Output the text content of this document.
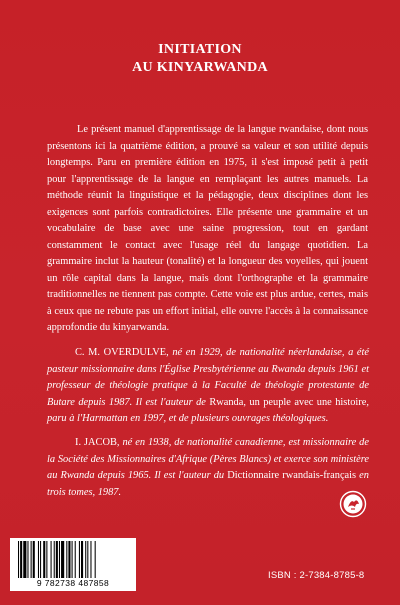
INITIATION
AU KINYARWANDA

Le présent manuel d'apprentissage de la langue rwandaise, dont nous présentons ici la quatrième édition, a prouvé sa valeur et son utilité depuis longtemps. Paru en première édition en 1975, il s'est imposé petit à petit pour l'apprentissage de la langue en remplaçant les autres manuels. La méthode réunit la linguistique et la pédagogie, deux disciplines dont les exigences sont parfois contradictoires. Elle présente une grammaire et un vocabulaire de base avec une saine progression, tout en gardant constamment le contact avec l'usage réel du langage quotidien. La grammaire inclut la hauteur (tonalité) et la longueur des voyelles, qui jouent un rôle capital dans la langue, mais dont l'orthographe et la grammaire traditionnelles ne tiennent pas compte. Cette voie est plus ardue, certes, mais à ceux que ne rebute pas un effort initial, elle ouvre l'accès à la connaissance approfondie du kinyarwanda.

C. M. OVERDULVE, né en 1929, de nationalité néerlandaise, a été pasteur missionnaire dans l'Église Presbytérienne au Rwanda depuis 1961 et professeur de théologie pratique à la Faculté de théologie protestante de Butare depuis 1987. Il est l'auteur de Rwanda, un peuple avec une histoire, paru à l'Harmattan en 1997, et de plusieurs ouvrages théologiques.

I. JACOB, né en 1938, de nationalité canadienne, est missionnaire de la Société des Missionnaires d'Afrique (Pères Blancs) et exerce son ministère au Rwanda depuis 1965. Il est l'auteur du Dictionnaire rwandais-français en trois tomes, 1987.

9 782738 487858
ISBN : 2-7384-8785-8
